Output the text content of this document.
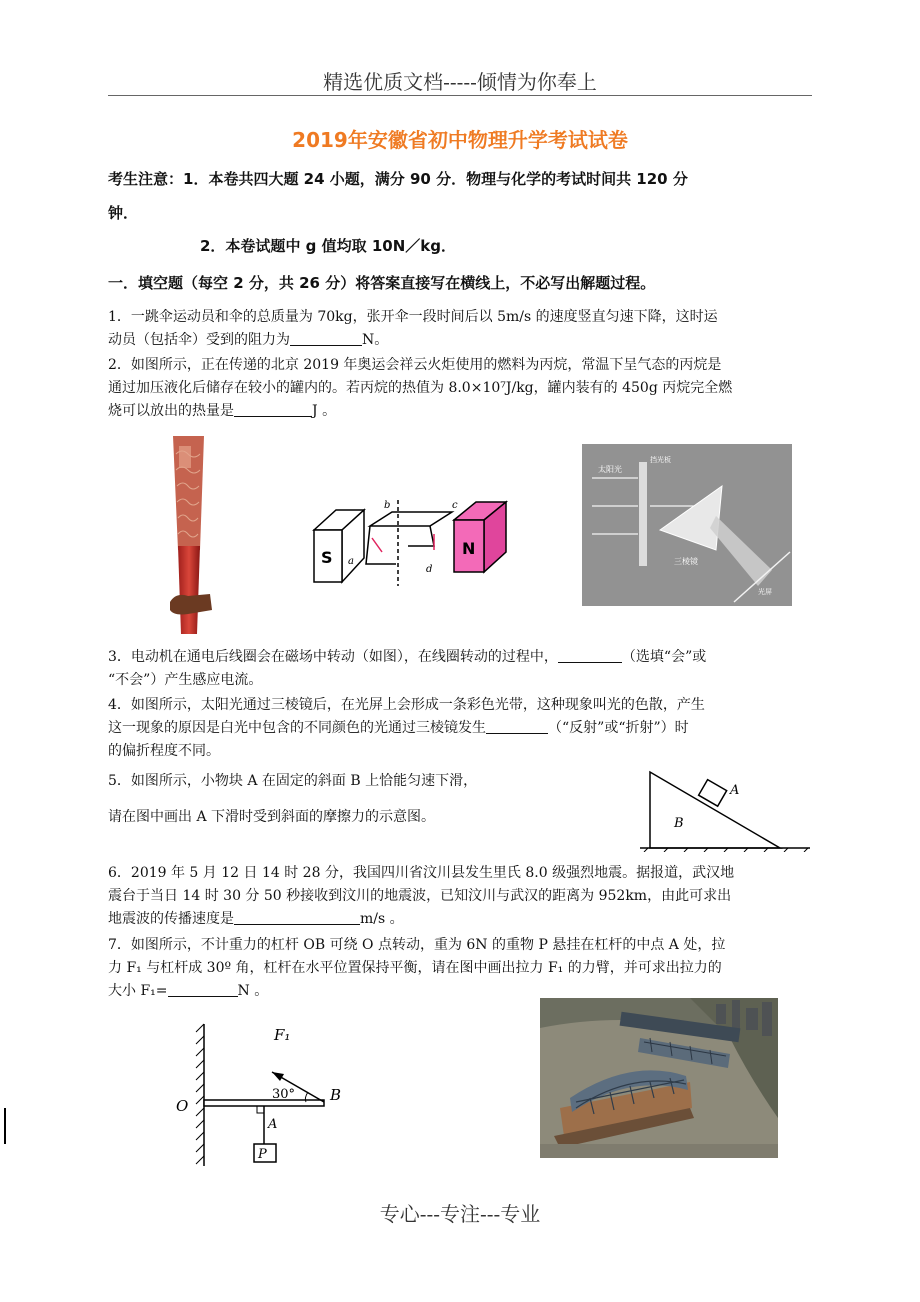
精选优质文档-----倾情为你奉上
2019年安徽省初中物理升学考试试卷
考生注意：1．本卷共四大题 24 小题，满分 90 分．物理与化学的考试时间共 120 分
钟．
2．本卷试题中 g 值均取 10N／kg．
一．填空题（每空 2 分，共 26 分）将答案直接写在横线上，不必写出解题过程。
1．一跳伞运动员和伞的总质量为 70kg，张开伞一段时间后以 5m/s 的速度竖直匀速下降，这时运
动员（包括伞）受到的阻力为	N。
2．如图所示，正在传递的北京 2019 年奥运会祥云火炬使用的燃料为丙烷，常温下呈气态的丙烷是
通过加压液化后储存在较小的罐内的。若丙烷的热值为 8.0×10⁷J/kg，罐内装有的 450g 丙烷完全燃
烧可以放出的热量是	J 。
S	N
b	c
a
d
太阳光
挡光板
三棱镜
光屏
3．电动机在通电后线圈会在磁场中转动（如图），在线圈转动的过程中，	（选填“会”或
“不会”）产生感应电流。
4．如图所示，太阳光通过三棱镜后，在光屏上会形成一条彩色光带，这种现象叫光的色散，产生
这一现象的原因是白光中包含的不同颜色的光通过三棱镜发生	（“反射”或“折射”）时
的偏折程度不同。
5．如图所示，小物块 A 在固定的斜面 B 上恰能匀速下滑，
请在图中画出 A 下滑时受到斜面的摩擦力的示意图。
A
B
6．2019 年 5 月 12 日 14 时 28 分，我国四川省汶川县发生里氏 8.0 级强烈地震。据报道，武汉地
震台于当日 14 时 30 分 50 秒接收到汶川的地震波，已知汶川与武汉的距离为 952km，由此可求出
地震波的传播速度是	m/s 。
7．如图所示，不计重力的杠杆 OB 可绕 O 点转动，重为 6N 的重物 P 悬挂在杠杆的中点 A 处，拉
力 F₁ 与杠杆成 30º 角，杠杆在水平位置保持平衡，请在图中画出拉力 F₁ 的力臂，并可求出拉力的
大小 F₁=	N 。
F₁
30°
O
B
A
P
专心---专注---专业
